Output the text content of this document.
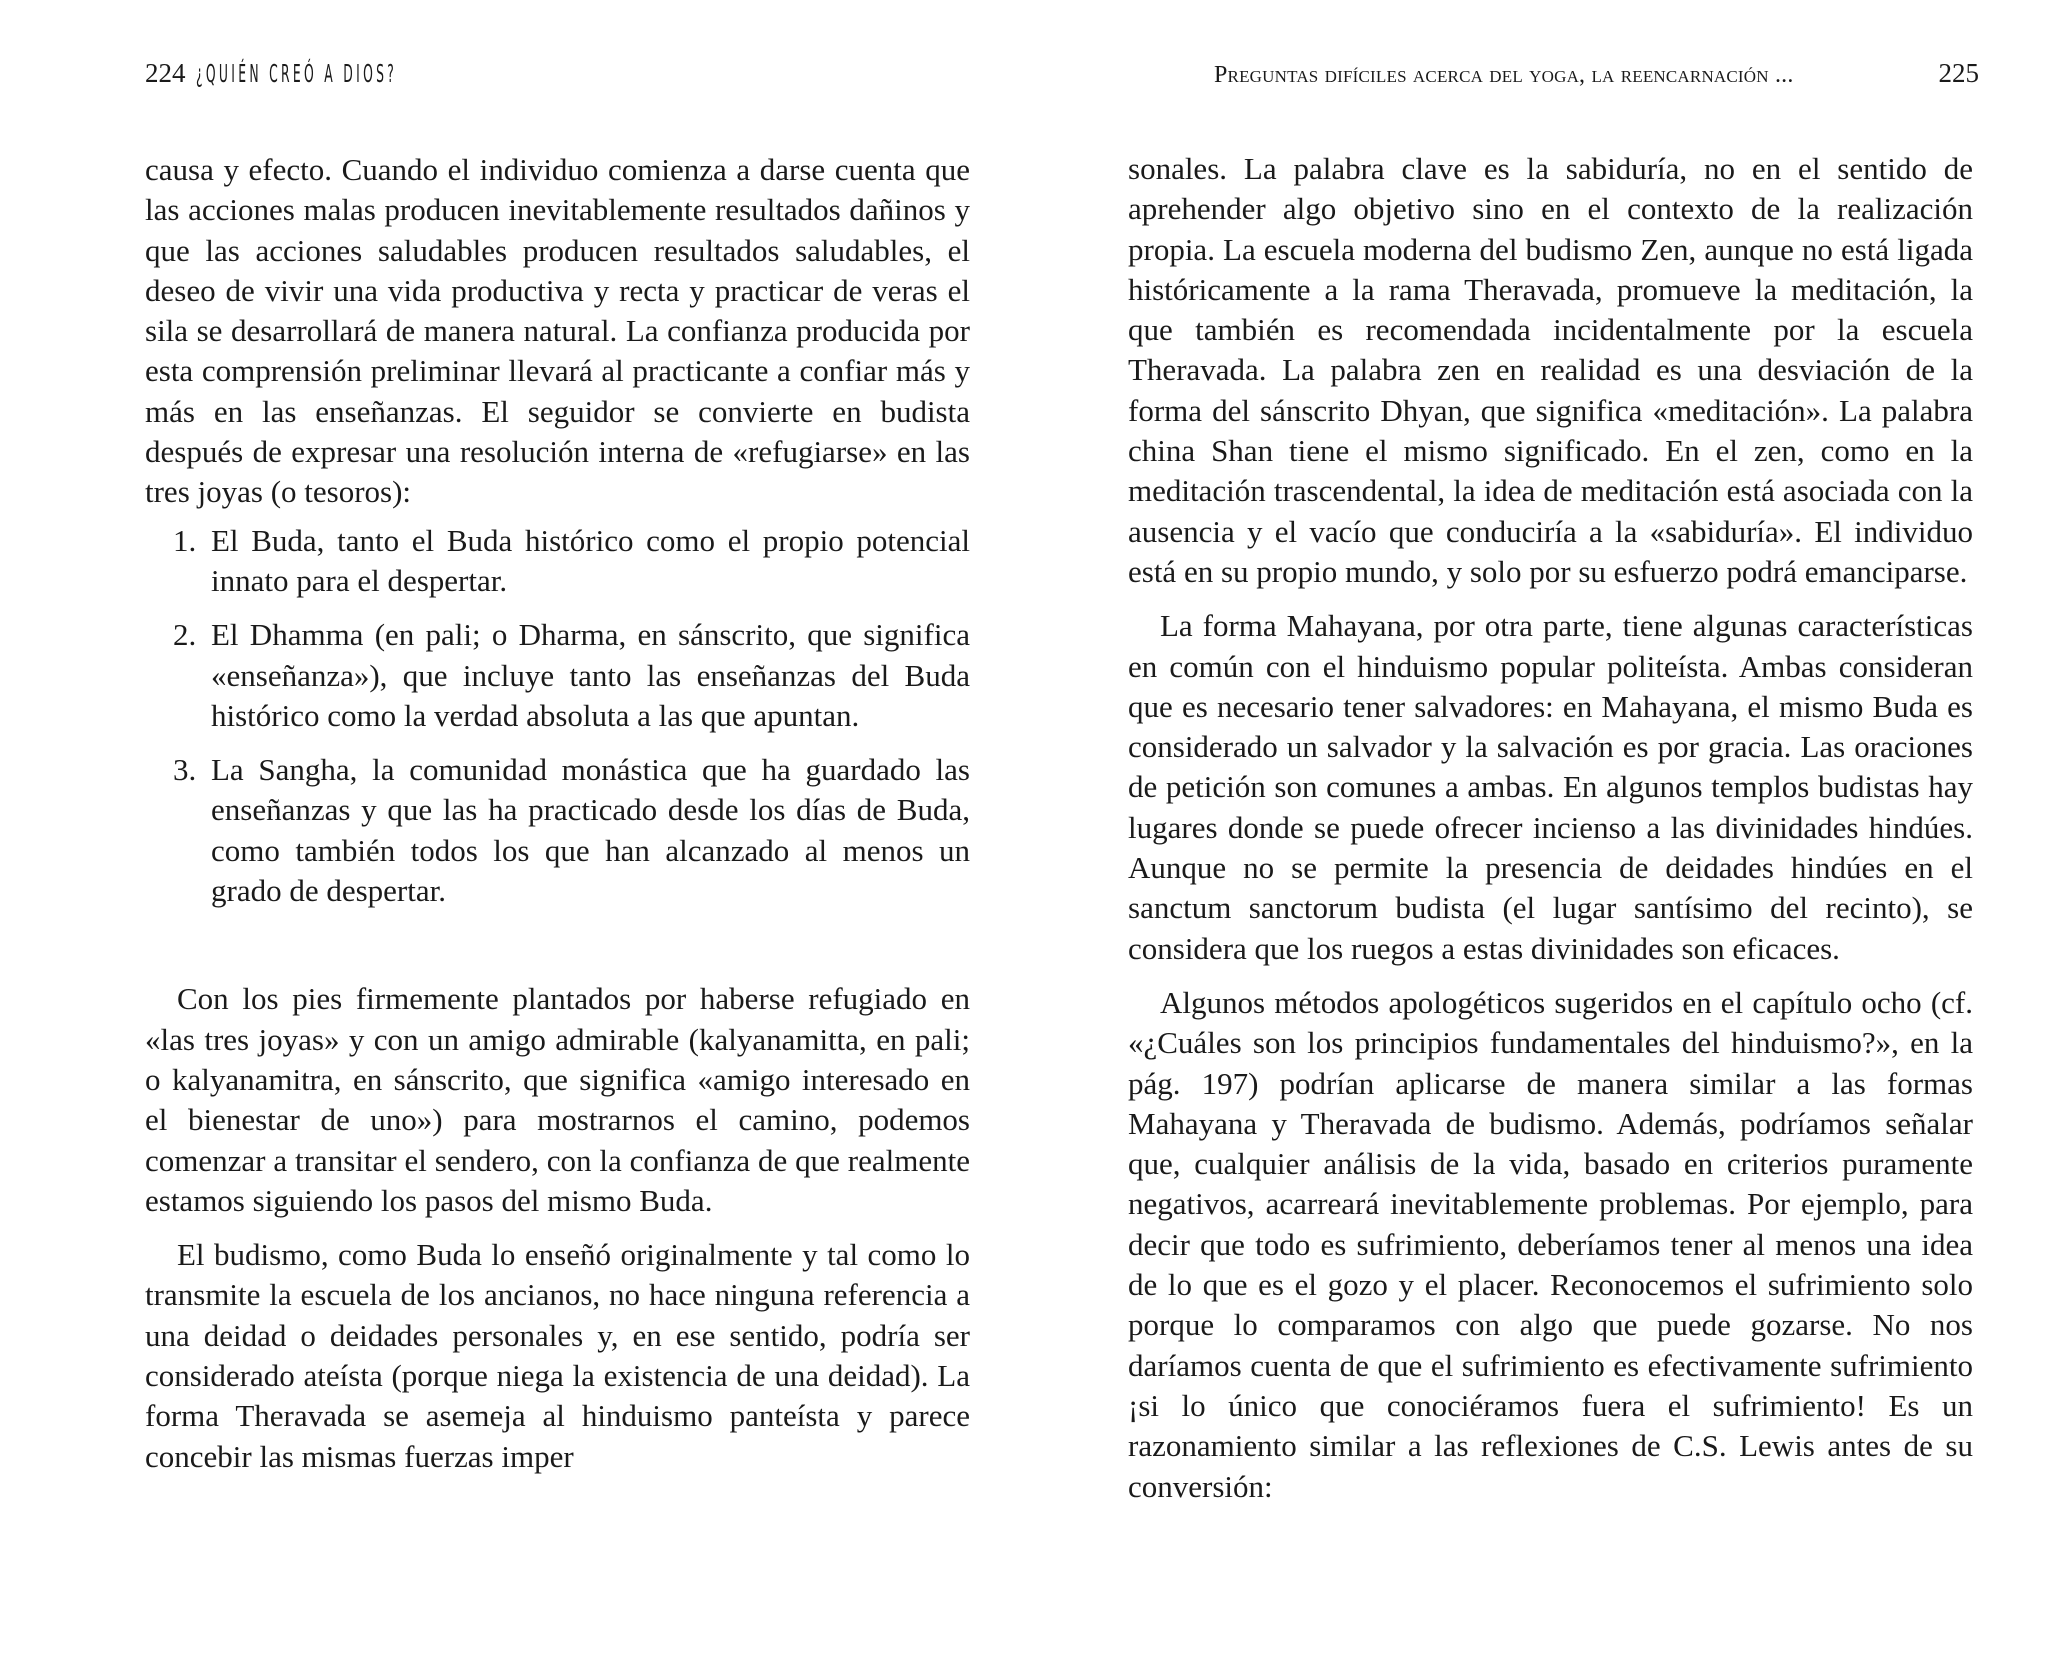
224 ¿QUIÉN CREÓ A DIOS?

causa y efecto. Cuando el individuo comienza a darse cuenta que las acciones malas producen inevitablemente resultados dañinos y que las acciones saludables producen resultados saludables, el deseo de vivir una vida productiva y recta y practicar de veras el sila se desarrollará de manera natural. La confianza producida por esta comprensión preliminar llevará al practicante a confiar más y más en las enseñanzas. El seguidor se convierte en budista después de expresar una resolución interna de «refugiarse» en las tres joyas (o tesoros):

1. El Buda, tanto el Buda histórico como el propio potencial innato para el despertar.
2. El Dhamma (en pali; o Dharma, en sánscrito, que significa «enseñanza»), que incluye tanto las enseñanzas del Buda histórico como la verdad absoluta a las que apuntan.
3. La Sangha, la comunidad monástica que ha guardado las enseñanzas y que las ha practicado desde los días de Buda, como también todos los que han alcanzado al menos un grado de despertar.

Con los pies firmemente plantados por haberse refugiado en «las tres joyas» y con un amigo admirable (kalyanamitta, en pali; o kalyanamitra, en sánscrito, que significa «amigo interesado en el bienestar de uno») para mostrarnos el camino, podemos comenzar a transitar el sendero, con la confianza de que realmente estamos siguiendo los pasos del mismo Buda.

El budismo, como Buda lo enseñó originalmente y tal como lo transmite la escuela de los ancianos, no hace ninguna referencia a una deidad o deidades personales y, en ese sentido, podría ser considerado ateísta (porque niega la existencia de una deidad). La forma Theravada se asemeja al hinduismo panteísta y parece concebir las mismas fuerzas imper

Preguntas difíciles acerca del yoga, la reencarnación ...	225

sonales. La palabra clave es la sabiduría, no en el sentido de aprehender algo objetivo sino en el contexto de la realización propia. La escuela moderna del budismo Zen, aunque no está ligada históricamente a la rama Theravada, promueve la meditación, la que también es recomendada incidentalmente por la escuela Theravada. La palabra zen en realidad es una desviación de la forma del sánscrito Dhyan, que significa «meditación». La palabra china Shan tiene el mismo significado. En el zen, como en la meditación trascendental, la idea de meditación está asociada con la ausencia y el vacío que conduciría a la «sabiduría». El individuo está en su propio mundo, y solo por su esfuerzo podrá emanciparse.

La forma Mahayana, por otra parte, tiene algunas características en común con el hinduismo popular politeísta. Ambas consideran que es necesario tener salvadores: en Mahayana, el mismo Buda es considerado un salvador y la salvación es por gracia. Las oraciones de petición son comunes a ambas. En algunos templos budistas hay lugares donde se puede ofrecer incienso a las divinidades hindúes. Aunque no se permite la presencia de deidades hindúes en el sanctum sanctorum budista (el lugar santísimo del recinto), se considera que los ruegos a estas divinidades son eficaces.

Algunos métodos apologéticos sugeridos en el capítulo ocho (cf. «¿Cuáles son los principios fundamentales del hinduismo?», en la pág. 197) podrían aplicarse de manera similar a las formas Mahayana y Theravada de budismo. Además, podríamos señalar que, cualquier análisis de la vida, basado en criterios puramente negativos, acarreará inevitablemente problemas. Por ejemplo, para decir que todo es sufrimiento, deberíamos tener al menos una idea de lo que es el gozo y el placer. Reconocemos el sufrimiento solo porque lo comparamos con algo que puede gozarse. No nos daríamos cuenta de que el sufrimiento es efectivamente sufrimiento ¡si lo único que conociéramos fuera el sufrimiento! Es un razonamiento similar a las reflexiones de C.S. Lewis antes de su conversión:
